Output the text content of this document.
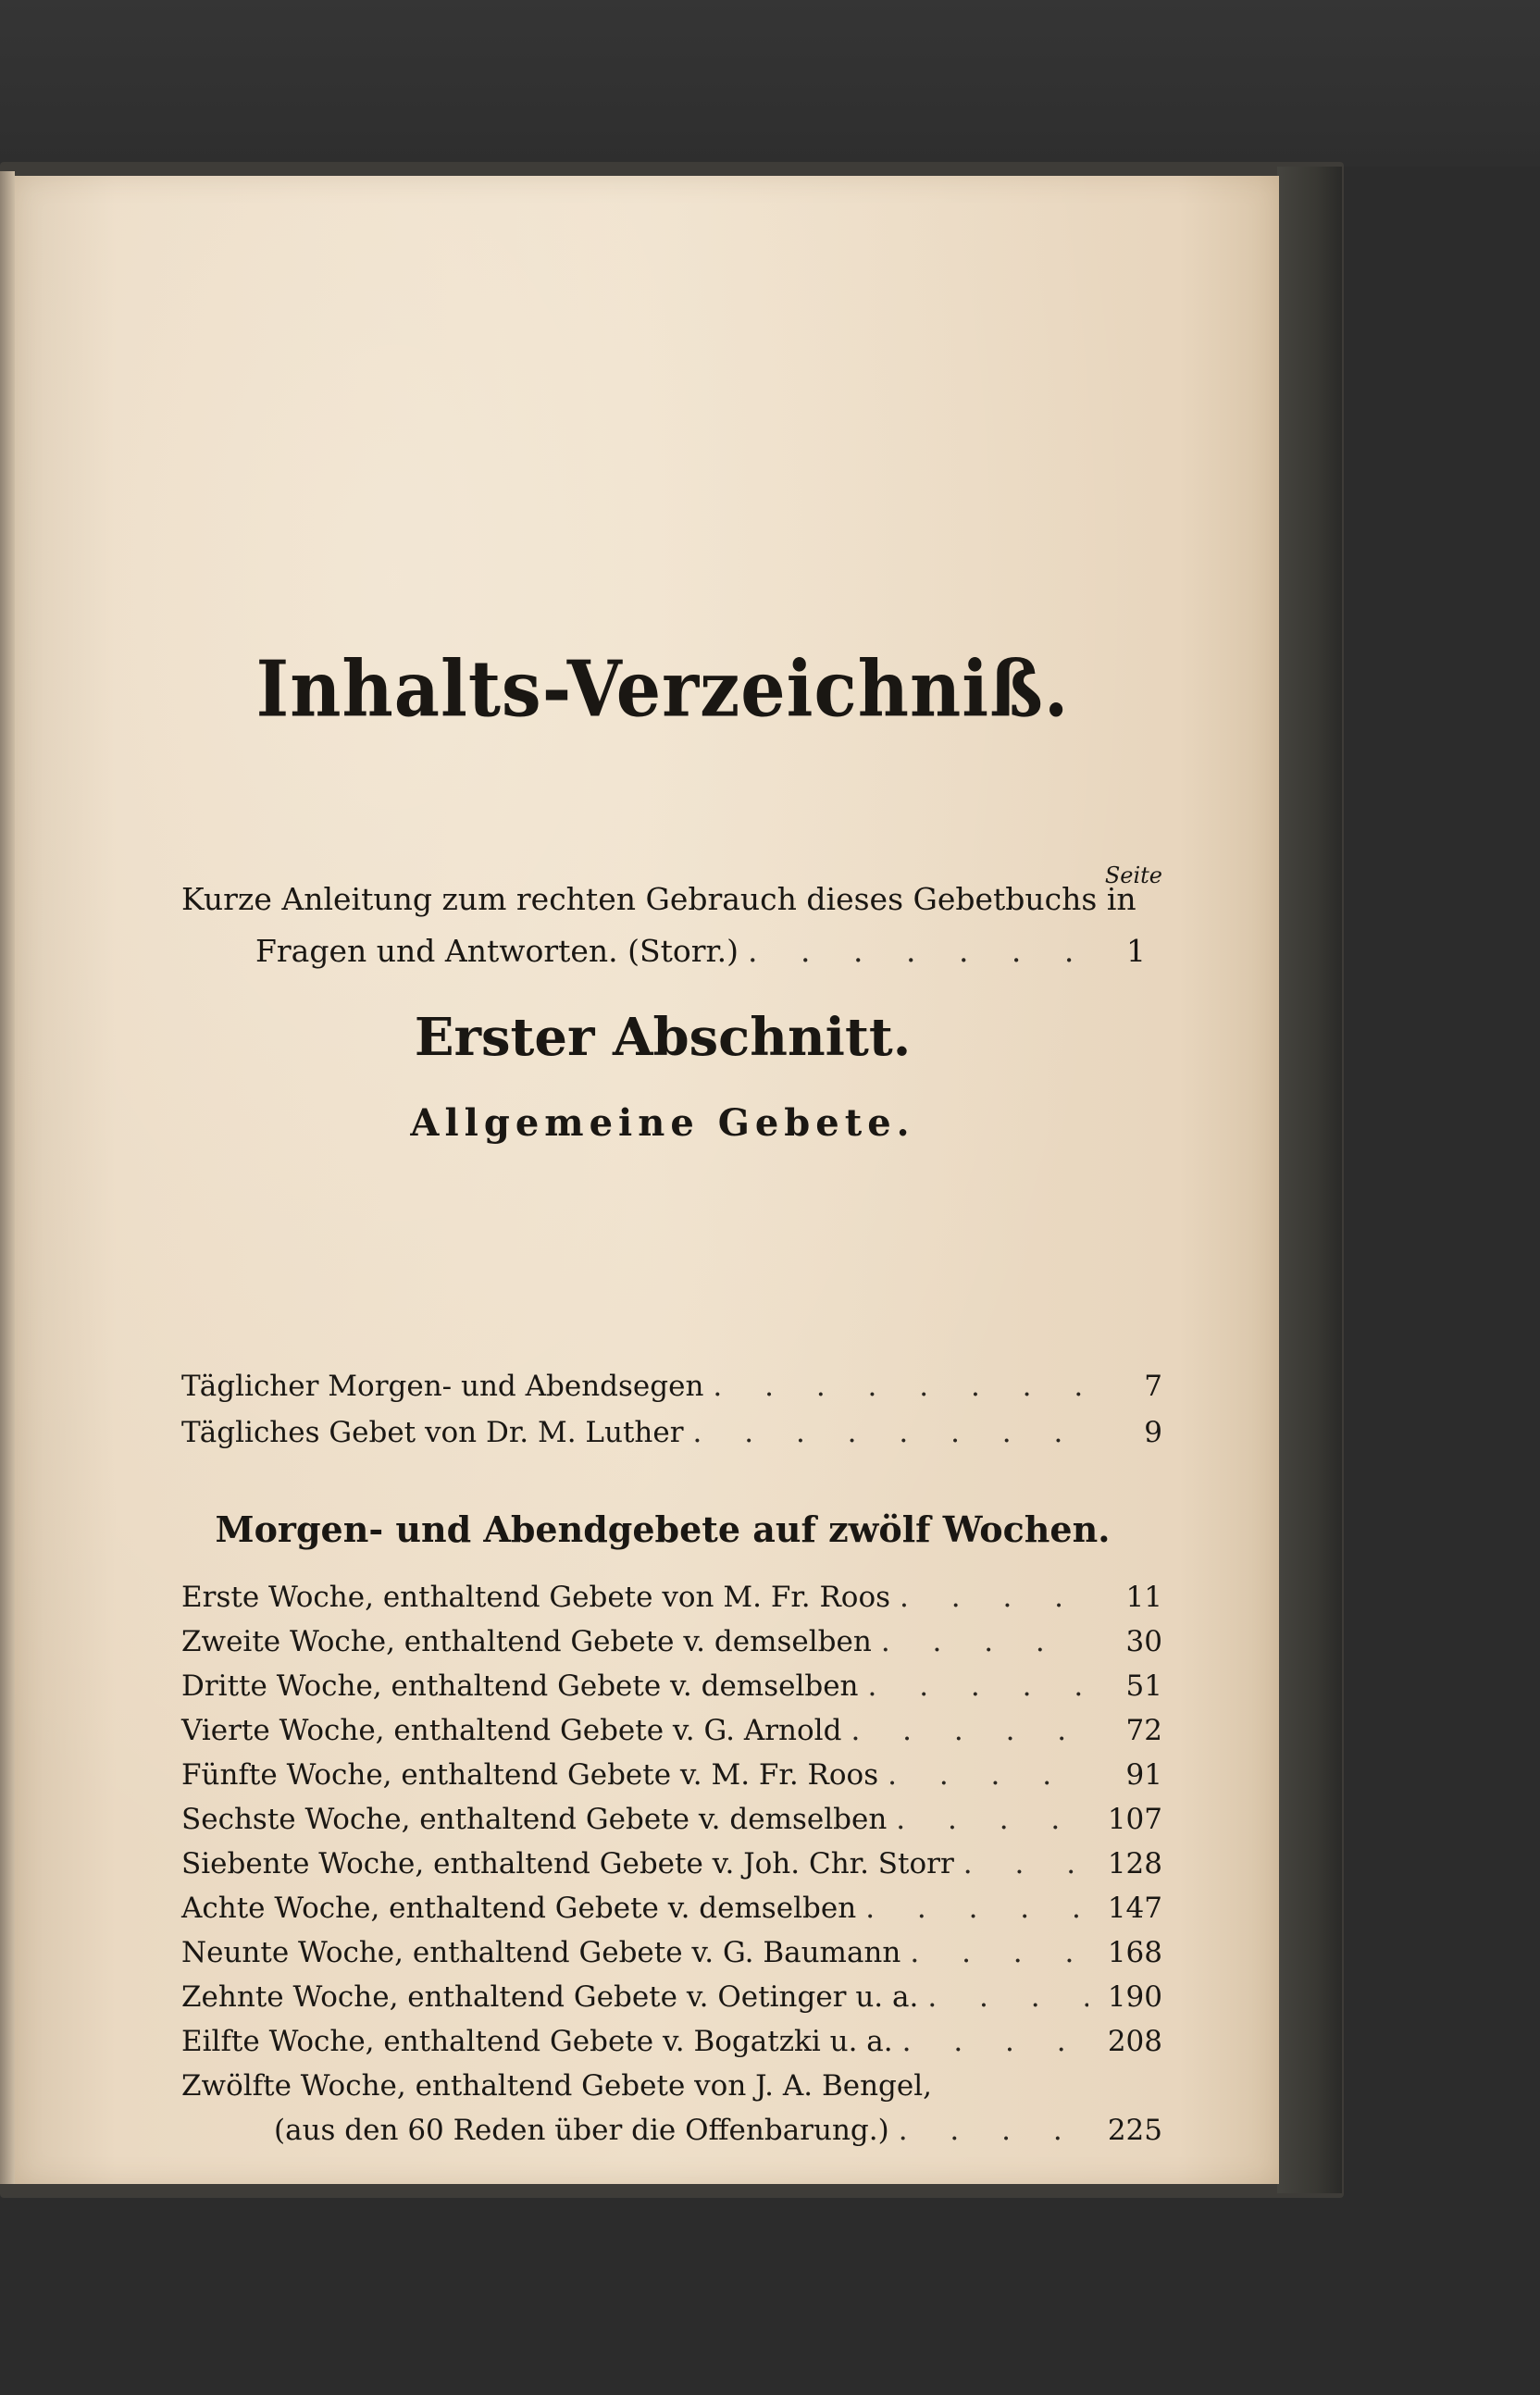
Inhalts-Verzeichniß.
Seite
Kurze Anleitung zum rechten Gebrauch dieses Gebetbuchs in
Fragen und Antworten. (Storr.) . . .	1
Erster Abschnitt.
Allgemeine Gebete.
Täglicher Morgen- und Abendsegen . . .	7
Tägliches Gebet von Dr. M. Luther . . .	9
Morgen- und Abendgebete auf zwölf Wochen.
Erste Woche, enthaltend Gebete von M. Fr. Roos . . .	11
Zweite Woche, enthaltend Gebete v. demselben . . .	30
Dritte Woche, enthaltend Gebete v. demselben . . .	51
Vierte Woche, enthaltend Gebete v. G. Arnold . . .	72
Fünfte Woche, enthaltend Gebete v. M. Fr. Roos . . .	91
Sechste Woche, enthaltend Gebete v. demselben . . .	107
Siebente Woche, enthaltend Gebete v. Joh. Chr. Storr . . .	128
Achte Woche, enthaltend Gebete v. demselben . . .	147
Neunte Woche, enthaltend Gebete v. G. Baumann . . .	168
Zehnte Woche, enthaltend Gebete v. Oetinger u. a. . . .	190
Eilfte Woche, enthaltend Gebete v. Bogatzki u. a. . . .	208
Zwölfte Woche, enthaltend Gebete von J. A. Bengel,
(aus den 60 Reden über die Offenbarung.) . . .	225
